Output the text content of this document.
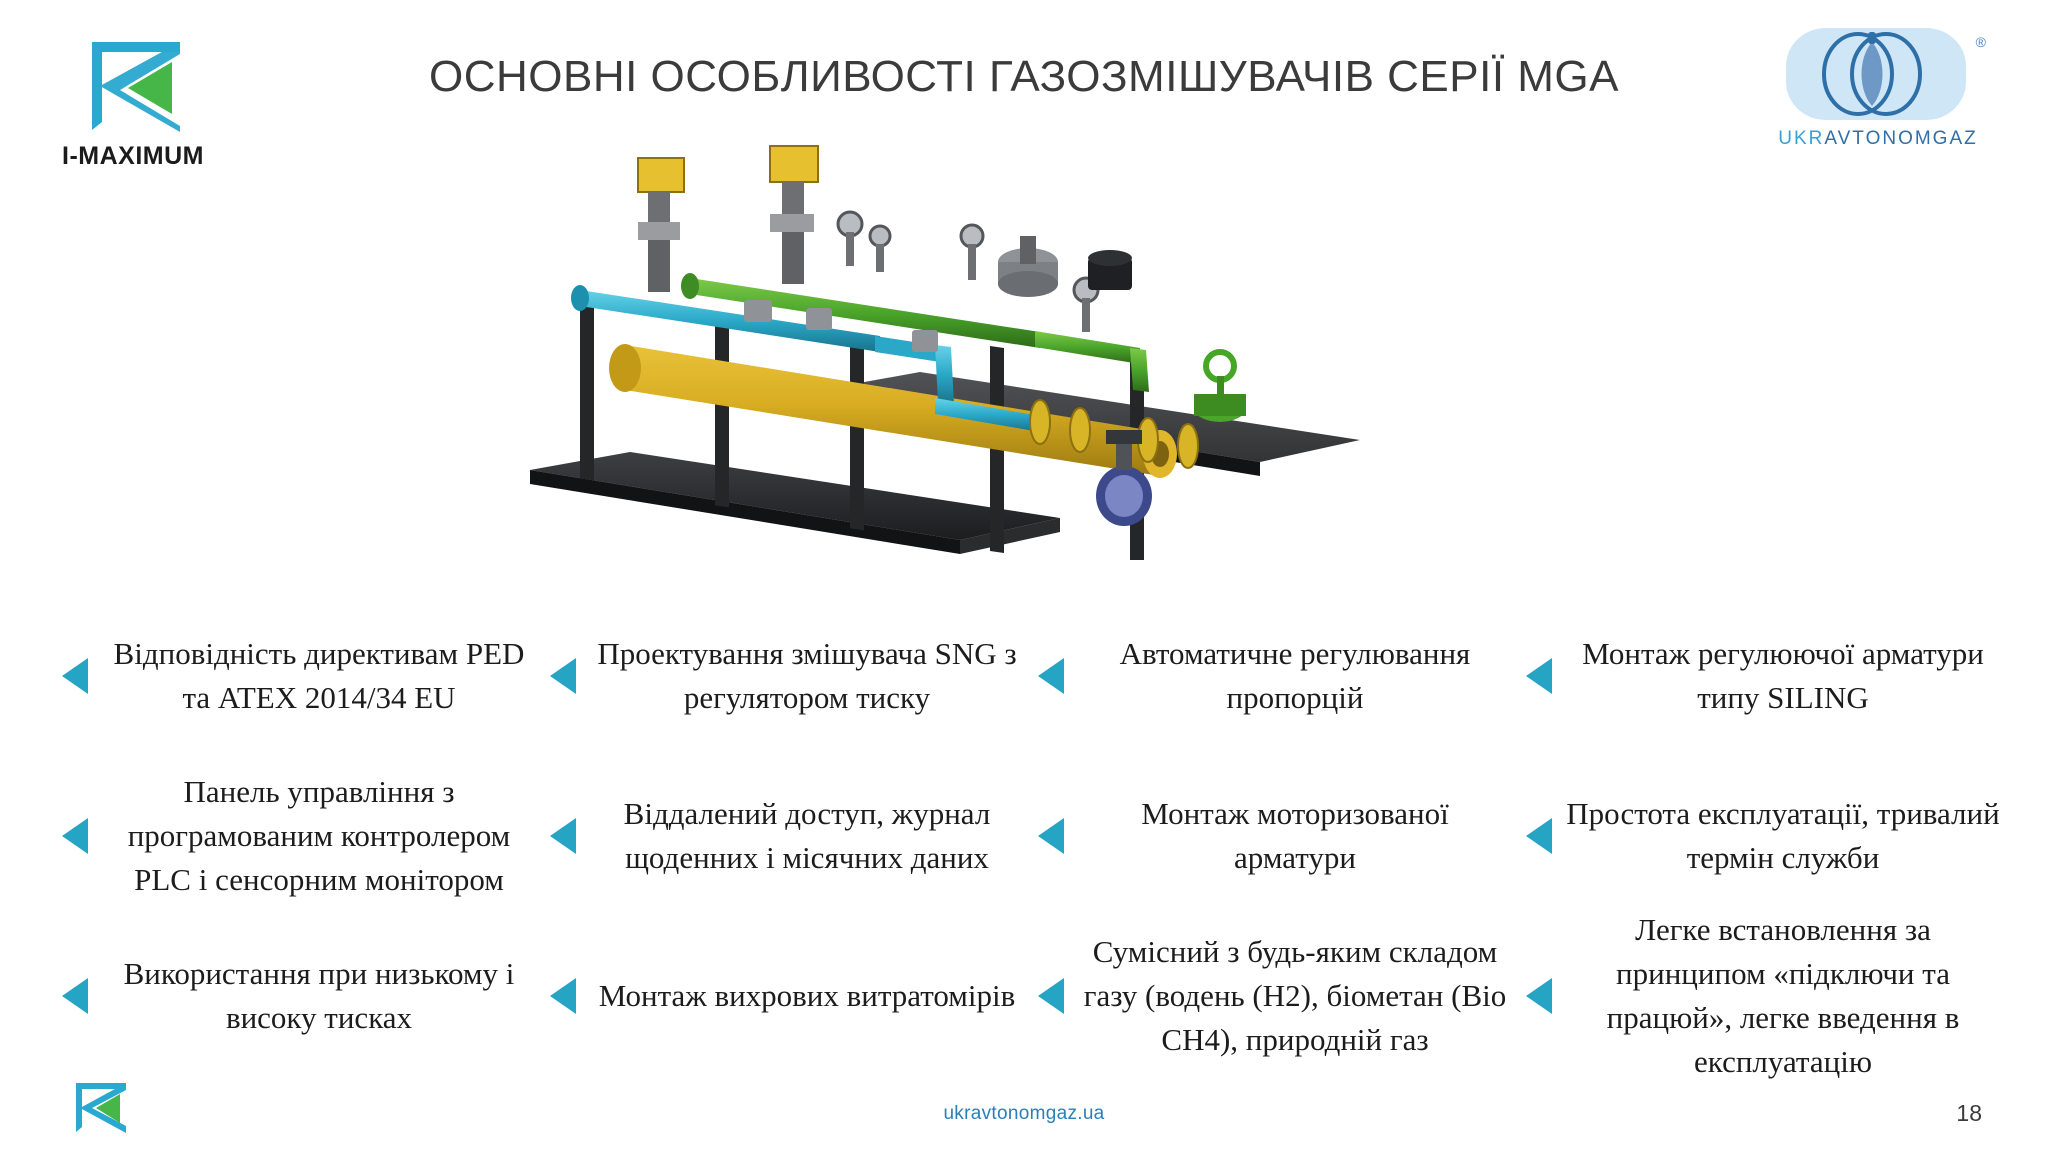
ОСНОВНІ ОСОБЛИВОСТІ ГАЗОЗМІШУВАЧІВ СЕРІЇ MGA
I-MAXIMUM
®
UKRAVTONOMGAZ
Відповідність директивам PED та ATEX 2014/34 EU
Проектування змішувача SNG з регулятором тиску
Автоматичне регулювання пропорцій
Монтаж регулюючої арматури типу SILING
Панель управління з програмованим контролером PLC і сенсорним монітором
Віддалений доступ, журнал щоденних і місячних даних
Монтаж моторизованої арматури
Простота експлуатації, тривалий термін служби
Використання при низькому і високу тисках
Монтаж вихрових витратомірів
Сумісний з будь-яким складом газу (водень (H2), біометан (Bio CH4), природній газ
Легке встановлення за принципом «підключи та працюй», легке введення в експлуатацію
ukravtonomgaz.ua	18
